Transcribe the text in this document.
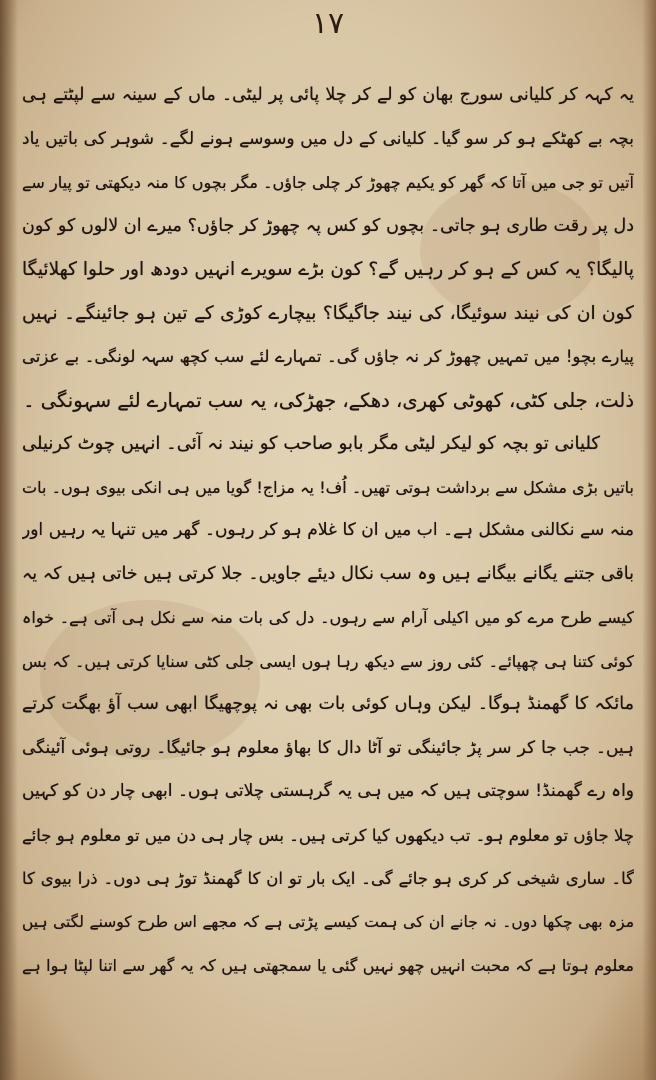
۱۷
یہ کہہ کر کلیانی سورج بھان کو لے کر چلا پائی پر لیٹی۔ ماں کے سینہ سے لپٹتے ہی
بچہ بے کھٹکے ہو کر سو گیا۔ کلیانی کے دل میں وسوسے ہونے لگے۔ شوہر کی باتیں یاد
آتیں تو جی میں آتا کہ گھر کو یکیم چھوڑ کر چلی جاؤں۔ مگر بچوں کا منہ دیکھتی تو پیار سے
دل پر رقت طاری ہو جاتی۔ بچوں کو کس پہ چھوڑ کر جاؤں؟ میرے ان لالوں کو کون
پالیگا؟ یہ کس کے ہو کر رہیں گے؟ کون بڑے سویرے انہیں دودھ اور حلوا کھلائیگا
کون ان کی نیند سوئیگا، کی نیند جاگیگا؟ بیچارے کوڑی کے تین ہو جائینگے۔ نہیں
پیارے بچو! میں تمہیں چھوڑ کر نہ جاؤں گی۔ تمہارے لئے سب کچھ سہہ لونگی۔ بے عزتی
ذلت، جلی کٹی، کھوٹی کھری، دھکے، جھڑکی، یہ سب تمہارے لئے سہونگی ۔
کلیانی تو بچہ کو لیکر لیٹی مگر بابو صاحب کو نیند نہ آئی۔ انہیں چوٹ کرنیلی
باتیں بڑی مشکل سے برداشت ہوتی تھیں۔ اُف! یہ مزاج! گویا میں ہی انکی بیوی ہوں۔ بات
منہ سے نکالنی مشکل ہے۔ اب میں ان کا غلام ہو کر رہوں۔ گھر میں تنہا یہ رہیں اور
باقی جتنے یگانے بیگانے ہیں وہ سب نکال دیئے جاویں۔ جلا کرتی ہیں خاتی ہیں کہ یہ
کیسے طرح مرے کو میں اکیلی آرام سے رہوں۔ دل کی بات منہ سے نکل ہی آتی ہے۔ خواہ
کوئی کتنا ہی چھپائے۔ کئی روز سے دیکھ رہا ہوں ایسی جلی کٹی سنایا کرتی ہیں۔ کہ بس
مائکہ کا گھمنڈ ہوگا۔ لیکن وہاں کوئی بات بھی نہ پوچھیگا ابھی سب آؤ بھگت کرتے
ہیں۔ جب جا کر سر پڑ جائینگی تو آٹا دال کا بھاؤ معلوم ہو جائیگا۔ روتی ہوئی آئینگی
واہ رے گھمنڈ! سوچتی ہیں کہ میں ہی یہ گرہستی چلاتی ہوں۔ ابھی چار دن کو کہیں
چلا جاؤں تو معلوم ہو۔ تب دیکھوں کیا کرتی ہیں۔ بس چار ہی دن میں تو معلوم ہو جائے
گا۔ ساری شیخی کر کری ہو جائے گی۔ ایک بار تو ان کا گھمنڈ توڑ ہی دوں۔ ذرا بیوی کا
مزہ بھی چکھا دوں۔ نہ جانے ان کی ہمت کیسے پڑتی ہے کہ مجھے اس طرح کوسنے لگتی ہیں
معلوم ہوتا ہے کہ محبت انہیں چھو نہیں گئی یا سمجھتی ہیں کہ یہ گھر سے اتنا لپٹا ہوا ہے
